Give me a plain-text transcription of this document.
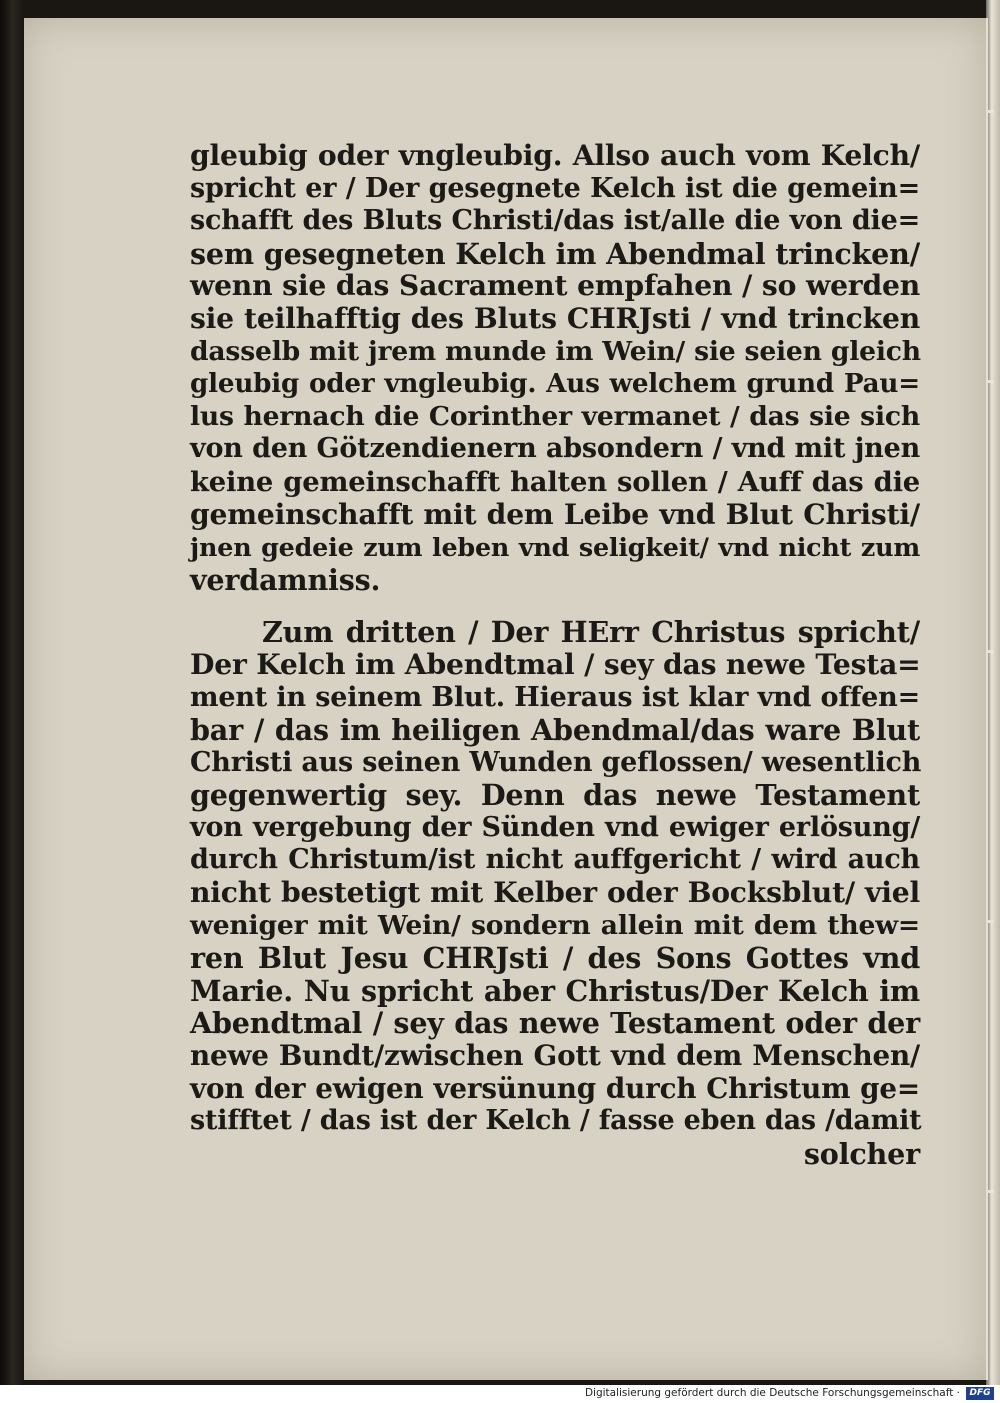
gleubig oder vngleubig. Allso auch vom Kelch/
spricht er / Der gesegnete Kelch ist die gemein=
schafft des Bluts Christi/das ist/alle die von die=
sem gesegneten Kelch im Abendmal trincken/
wenn sie das Sacrament empfahen / so werden
sie teilhafftig des Bluts CHRJsti / vnd trincken
dasselb mit jrem munde im Wein/ sie seien gleich
gleubig oder vngleubig. Aus welchem grund Pau=
lus hernach die Corinther vermanet / das sie sich
von den Götzendienern absondern / vnd mit jnen
keine gemeinschafft halten sollen / Auff das die
gemeinschafft mit dem Leibe vnd Blut Christi/
jnen gedeie zum leben vnd seligkeit/ vnd nicht zum
verdamniss.
Zum dritten / Der HErr Christus spricht/
Der Kelch im Abendtmal / sey das newe Testa=
ment in seinem Blut. Hieraus ist klar vnd offen=
bar / das im heiligen Abendmal/das ware Blut
Christi aus seinen Wunden geflossen/ wesentlich
gegenwertig sey. Denn das newe Testament
von vergebung der Sünden vnd ewiger erlösung/
durch Christum/ist nicht auffgericht / wird auch
nicht bestetigt mit Kelber oder Bocksblut/ viel
weniger mit Wein/ sondern allein mit dem thew=
ren Blut Jesu CHRJsti / des Sons Gottes vnd
Marie. Nu spricht aber Christus/Der Kelch im
Abendtmal / sey das newe Testament oder der
newe Bundt/zwischen Gott vnd dem Menschen/
von der ewigen versünung durch Christum ge=
stifftet / das ist der Kelch / fasse eben das /damit
solcher
Digitalisierung gefördert durch die Deutsche Forschungsgemeinschaft ·	DFG
